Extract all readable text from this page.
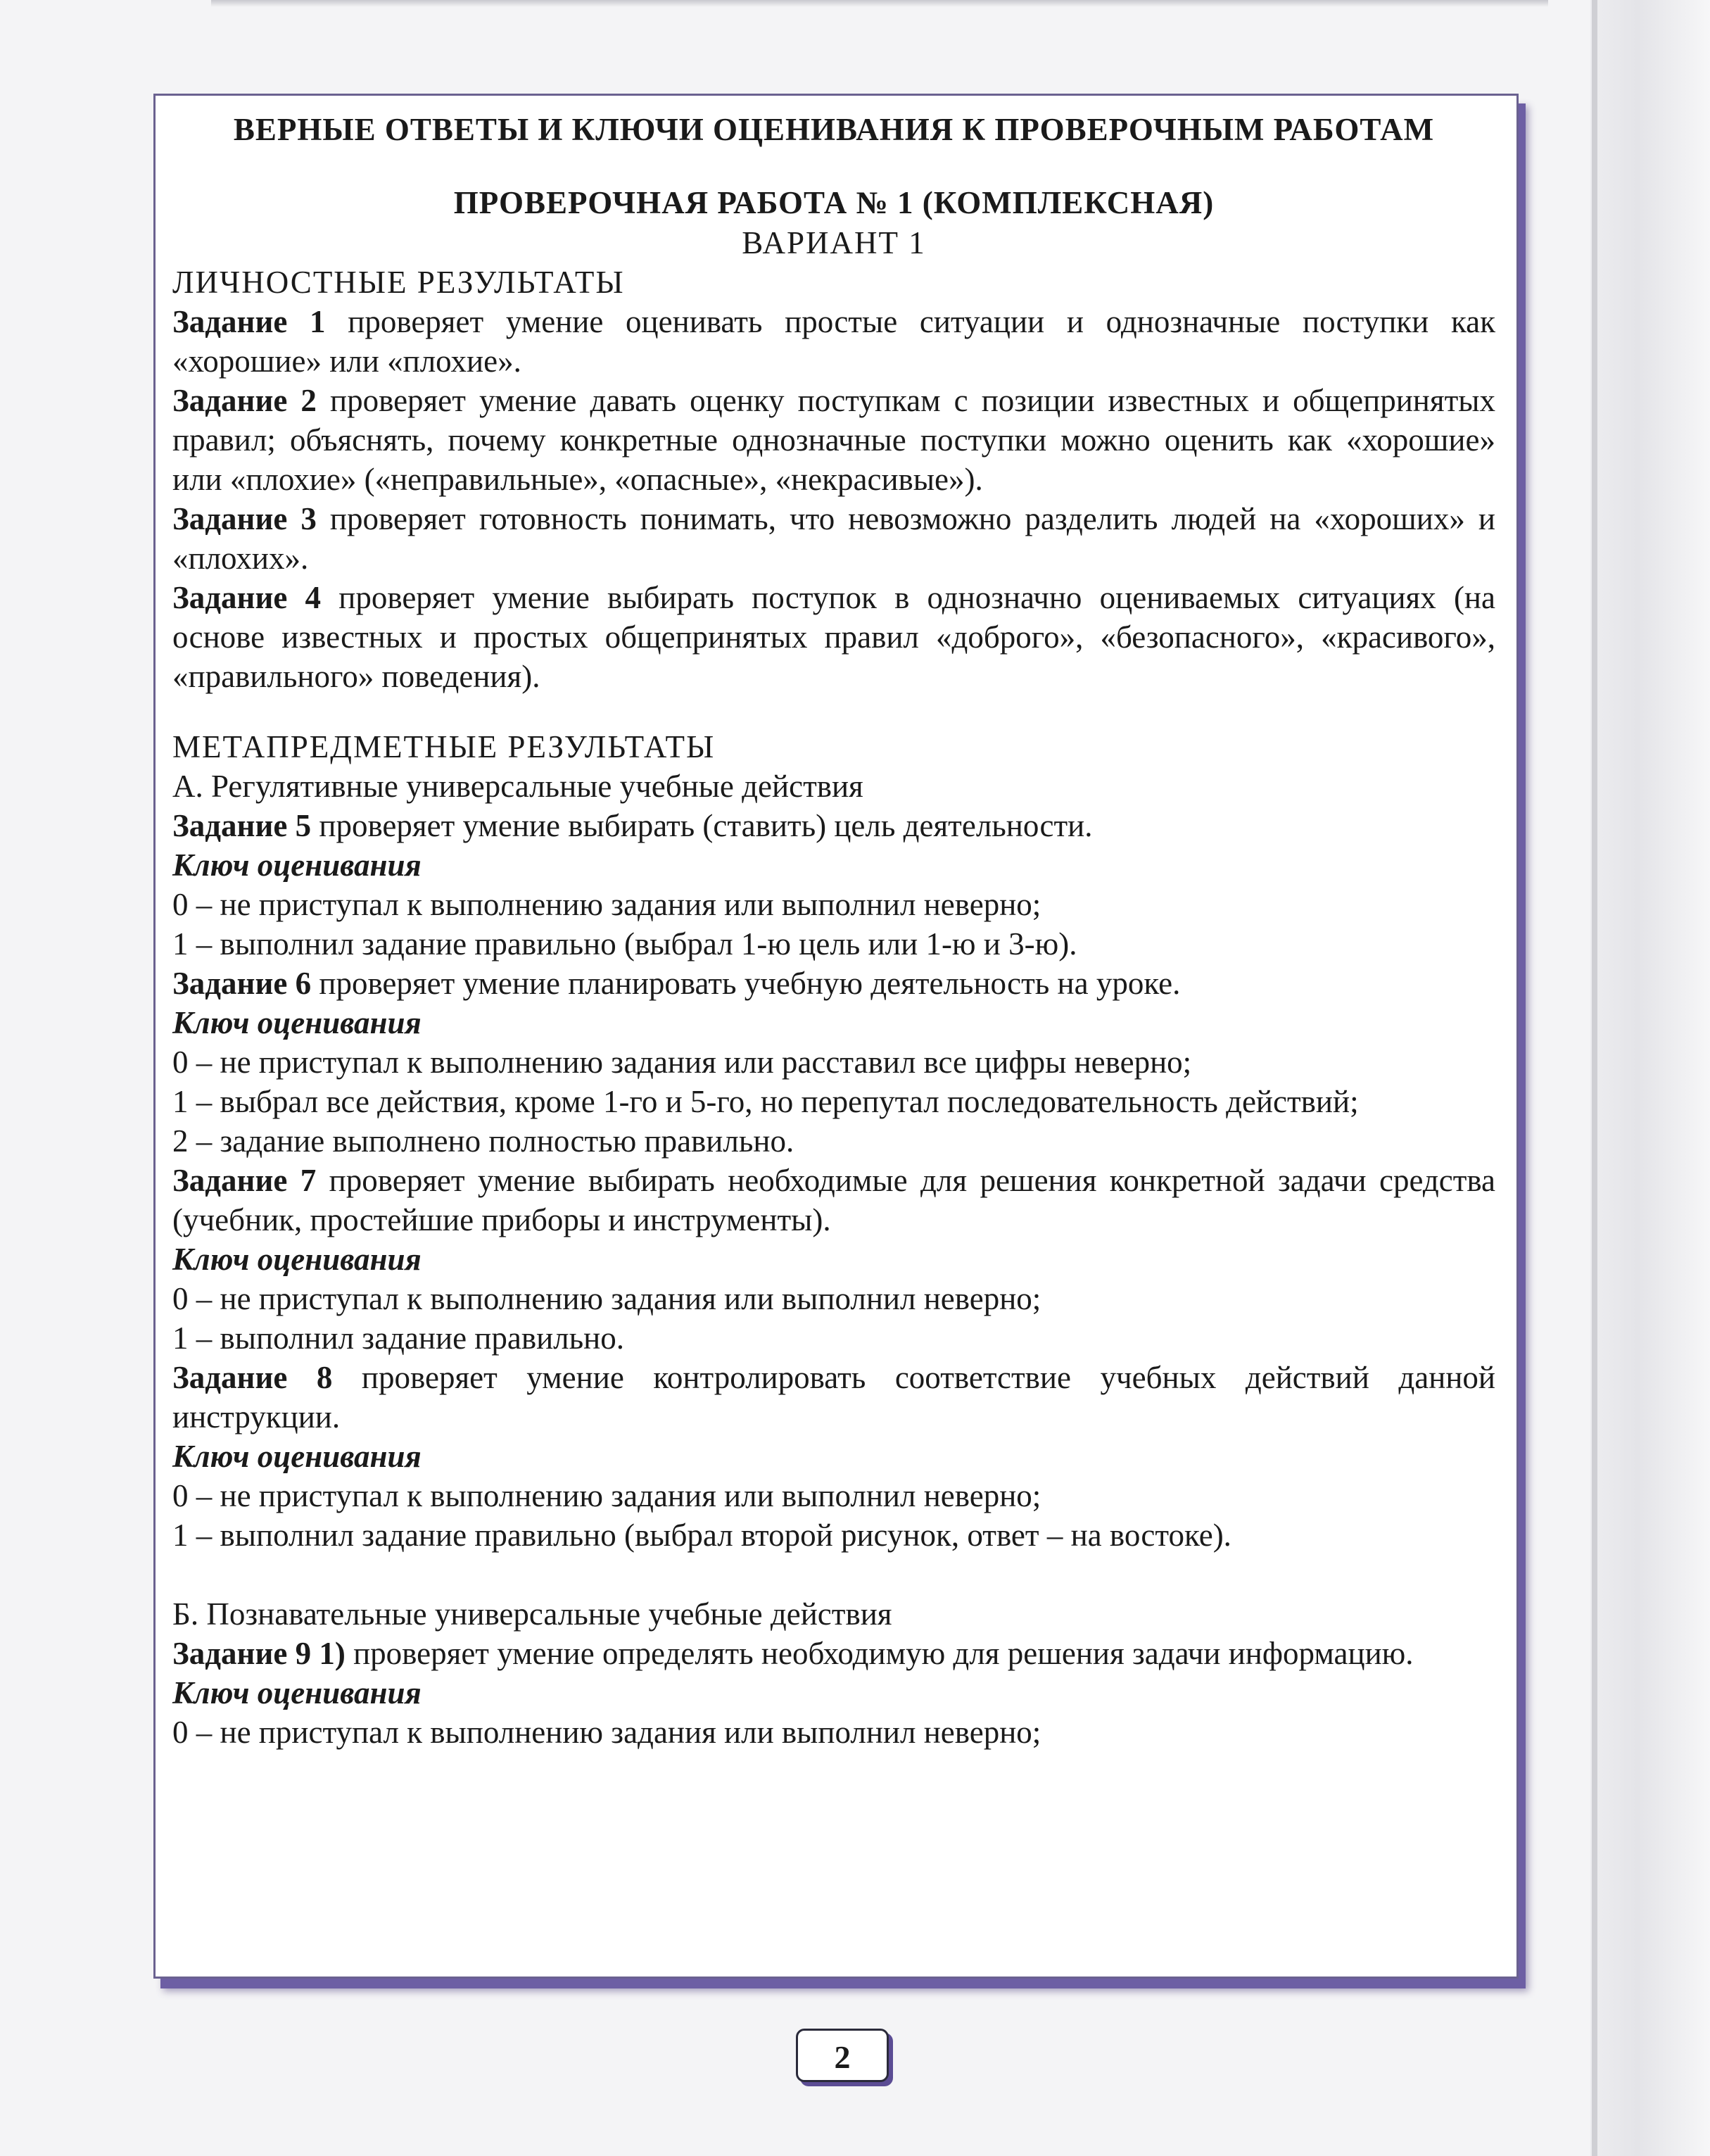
ВЕРНЫЕ ОТВЕТЫ И КЛЮЧИ ОЦЕНИВАНИЯ К ПРОВЕРОЧНЫМ РАБОТАМ

ПРОВЕРОЧНАЯ РАБОТА № 1 (КОМПЛЕКСНАЯ)

ВАРИАНТ 1

ЛИЧНОСТНЫЕ РЕЗУЛЬТАТЫ

Задание 1 проверяет умение оценивать простые ситуации и однозначные поступки как «хорошие» или «плохие».

Задание 2 проверяет умение давать оценку поступкам с позиции известных и общепринятых правил; объяснять, почему конкретные однозначные поступки можно оценить как «хорошие» или «плохие» («неправильные», «опасные», «некрасивые»).

Задание 3 проверяет готовность понимать, что невозможно разделить людей на «хороших» и «плохих».

Задание 4 проверяет умение выбирать поступок в однозначно оцениваемых ситуациях (на основе известных и простых общепринятых правил «доброго», «безопасного», «красивого», «правильного» поведения).

МЕТАПРЕДМЕТНЫЕ РЕЗУЛЬТАТЫ

А. Регулятивные универсальные учебные действия

Задание 5 проверяет умение выбирать (ставить) цель деятельности.

Ключ оценивания

0 – не приступал к выполнению задания или выполнил неверно;

1 – выполнил задание правильно (выбрал 1-ю цель или 1-ю и 3-ю).

Задание 6 проверяет умение планировать учебную деятельность на уроке.

Ключ оценивания

0 – не приступал к выполнению задания или расставил все цифры неверно;

1 – выбрал все действия, кроме 1-го и 5-го, но перепутал последовательность действий;

2 – задание выполнено полностью правильно.

Задание 7 проверяет умение выбирать необходимые для решения конкретной задачи средства (учебник, простейшие приборы и инструменты).

Ключ оценивания

0 – не приступал к выполнению задания или выполнил неверно;

1 – выполнил задание правильно.

Задание 8 проверяет умение контролировать соответствие учебных действий данной инструкции.

Ключ оценивания

0 – не приступал к выполнению задания или выполнил неверно;

1 – выполнил задание правильно (выбрал второй рисунок, ответ – на востоке).

Б. Познавательные универсальные учебные действия

Задание 9 1) проверяет умение определять необходимую для решения задачи информацию.

Ключ оценивания

0 – не приступал к выполнению задания или выполнил неверно;

2
